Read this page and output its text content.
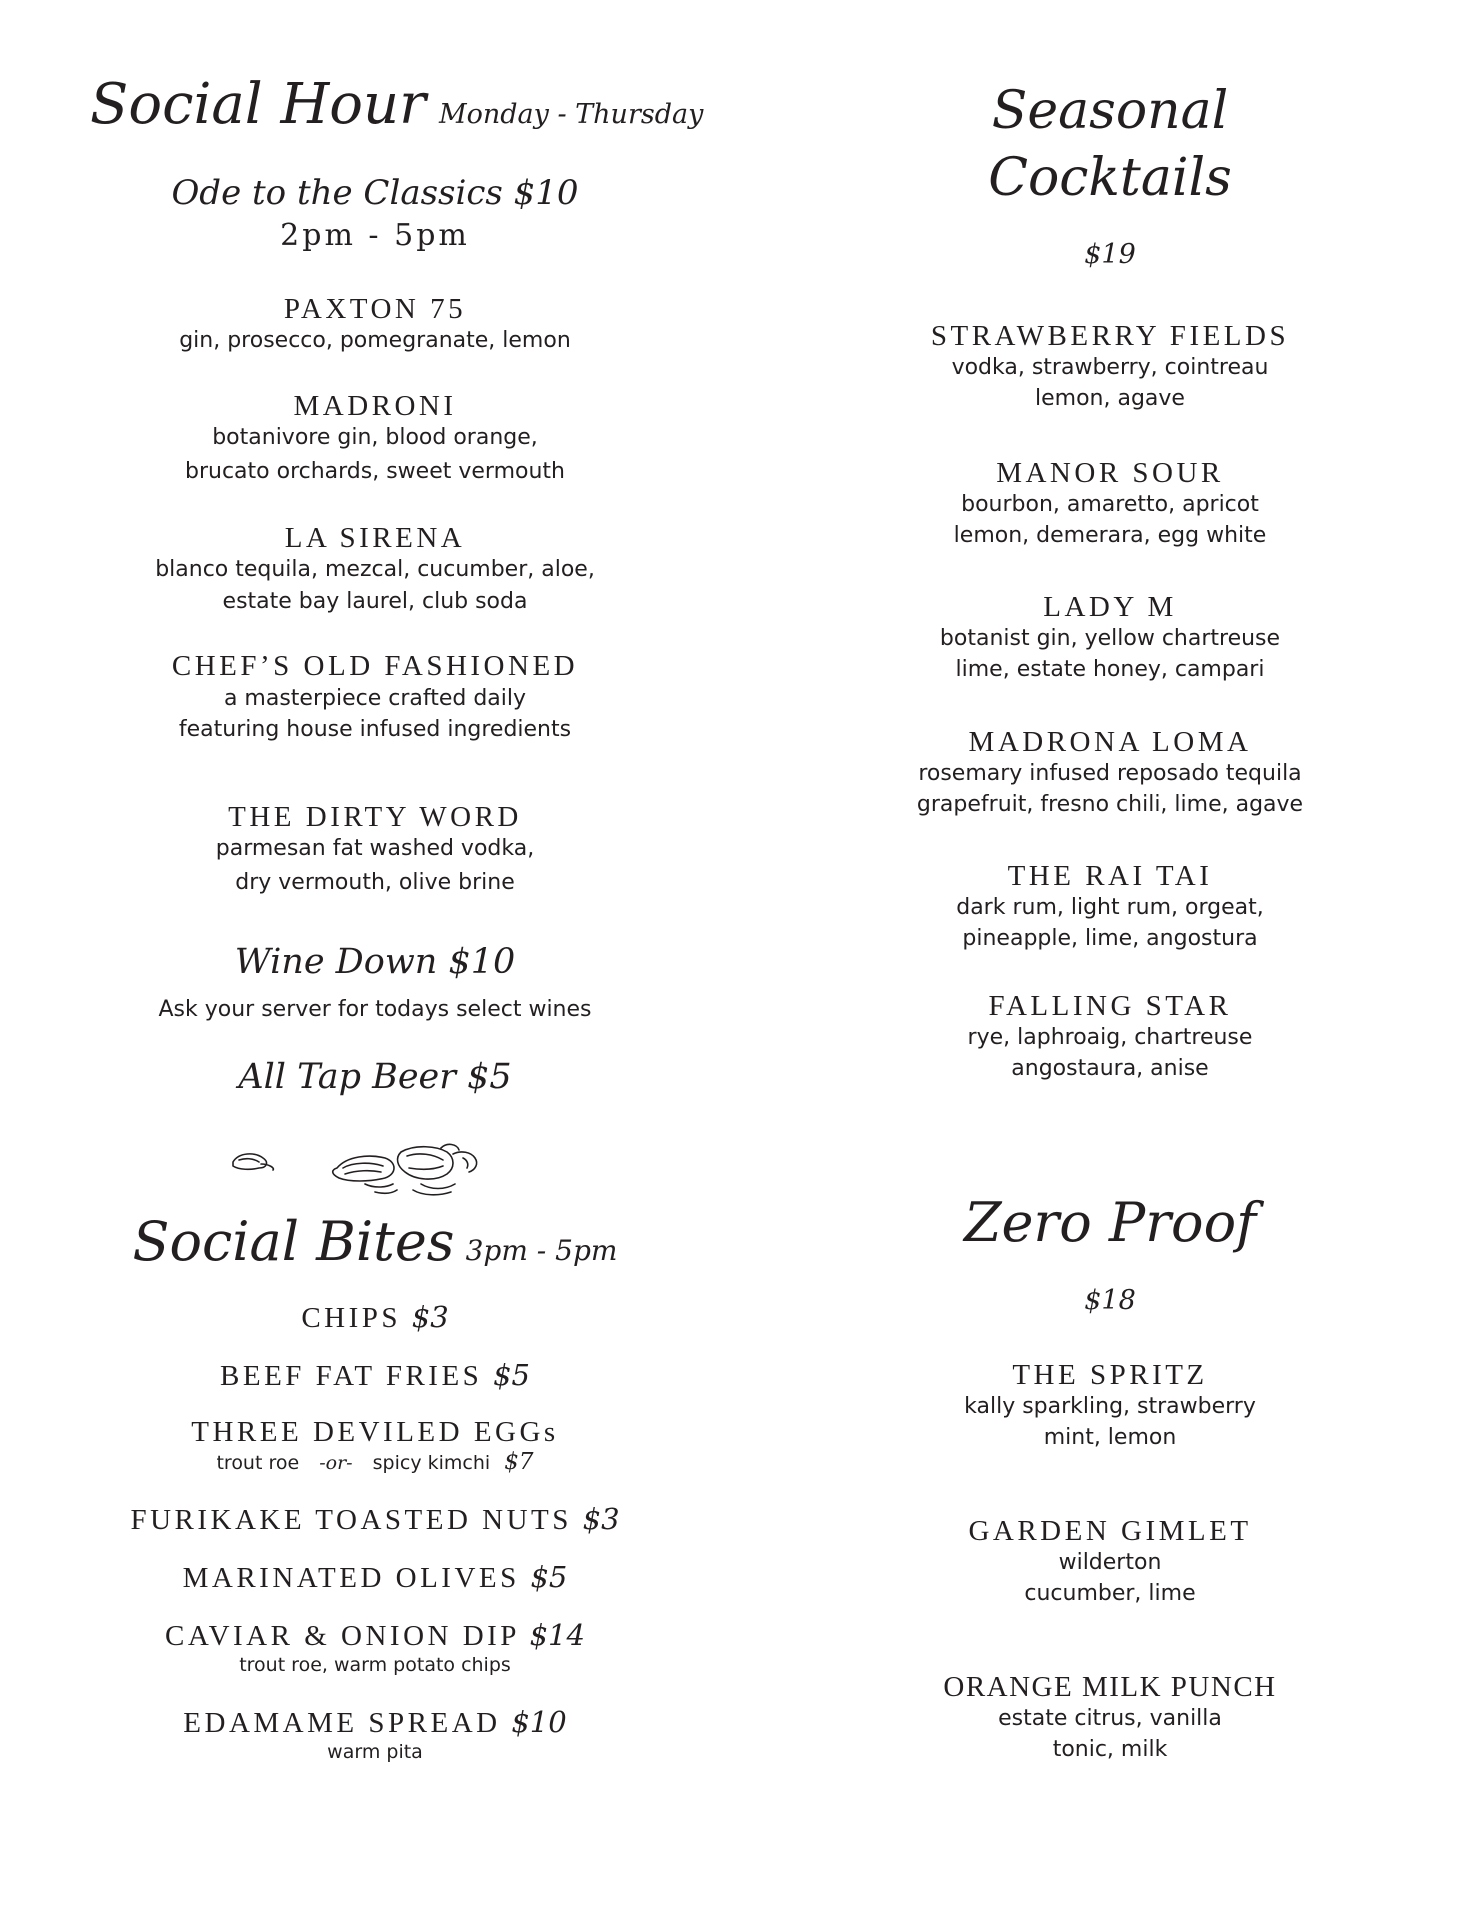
Social Hour Monday - Thursday
Ode to the Classics $10
2pm - 5pm
PAXTON 75
gin, prosecco, pomegranate, lemon
MADRONI
botanivore gin, blood orange,
brucato orchards, sweet vermouth
LA SIRENA
blanco tequila, mezcal, cucumber, aloe,
estate bay laurel, club soda
CHEF’S OLD FASHIONED
a masterpiece crafted daily
featuring house infused ingredients
THE DIRTY WORD
parmesan fat washed vodka,
dry vermouth, olive brine
Wine Down $10
Ask your server for todays select wines
All Tap Beer $5
Social Bites 3pm - 5pm
CHIPS $3
BEEF FAT FRIES $5
THREE DEVILED EGGs
trout roe -or- spicy kimchi $7
FURIKAKE TOASTED NUTS $3
MARINATED OLIVES $5
CAVIAR & ONION DIP $14
trout roe, warm potato chips
EDAMAME SPREAD $10
warm pita
Seasonal
Cocktails
$19
STRAWBERRY FIELDS
vodka, strawberry, cointreau
lemon, agave
MANOR SOUR
bourbon, amaretto, apricot
lemon, demerara, egg white
LADY M
botanist gin, yellow chartreuse
lime, estate honey, campari
MADRONA LOMA
rosemary infused reposado tequila
grapefruit, fresno chili, lime, agave
THE RAI TAI
dark rum, light rum, orgeat,
pineapple, lime, angostura
FALLING STAR
rye, laphroaig, chartreuse
angostaura, anise
Zero Proof
$18
THE SPRITZ
kally sparkling, strawberry
mint, lemon
GARDEN GIMLET
wilderton
cucumber, lime
ORANGE MILK PUNCH
estate citrus, vanilla
tonic, milk
